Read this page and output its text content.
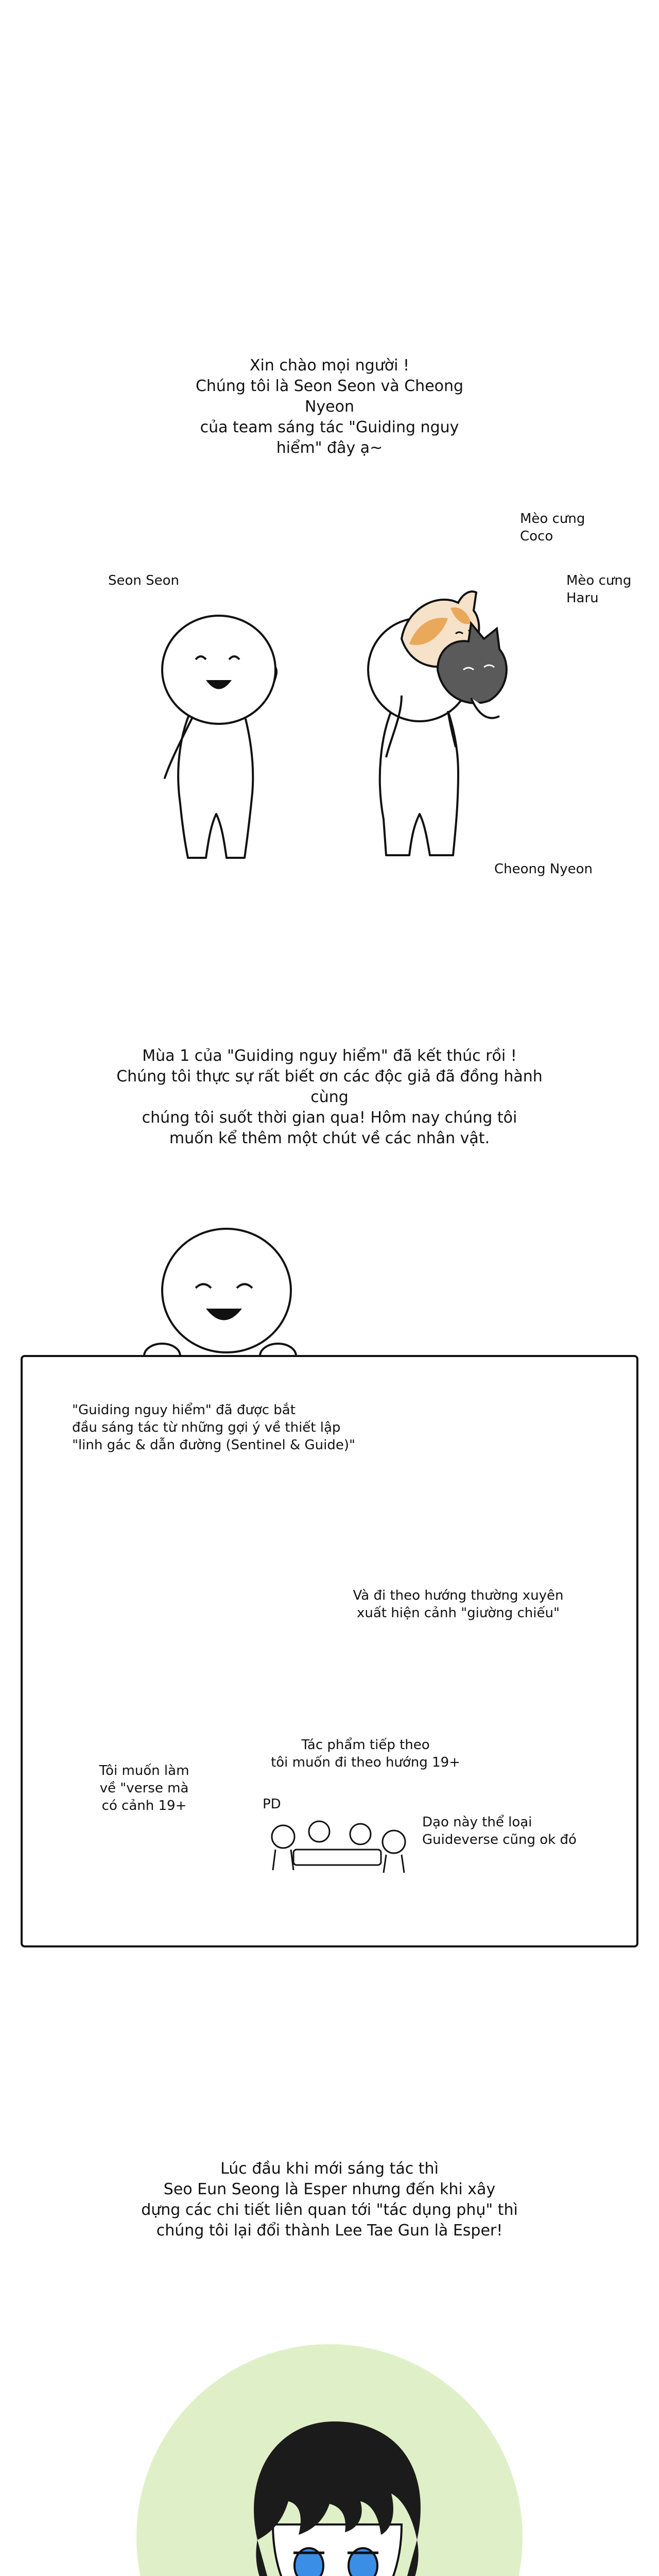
Xin chào mọi người !
Chúng tôi là Seon Seon và Cheong Nyeon
của team sáng tác "Guiding nguy hiểm" đây ạ~
Seon Seon
Mèo cưng
Coco
Mèo cưng
Haru
Cheong Nyeon
Mùa 1 của "Guiding nguy hiểm" đã kết thúc rồi !
Chúng tôi thực sự rất biết ơn các độc giả đã đồng hành cùng
chúng tôi suốt thời gian qua! Hôm nay chúng tôi
muốn kể thêm một chút về các nhân vật.
"Guiding nguy hiểm" đã được bắt
đầu sáng tác từ những gợi ý về thiết lập
"linh gác & dẫn đường (Sentinel & Guide)"
Và đi theo hướng thường xuyên
xuất hiện cảnh "giường chiếu"
Tác phẩm tiếp theo
tôi muốn đi theo hướng 19+
Tôi muốn làm
về "verse mà
có cảnh 19+	PD
Dạo này thể loại
Guideverse cũng ok đó
Lúc đầu khi mới sáng tác thì
Seo Eun Seong là Esper nhưng đến khi xây
dựng các chi tiết liên quan tới "tác dụng phụ" thì
chúng tôi lại đổi thành Lee Tae Gun là Esper!
